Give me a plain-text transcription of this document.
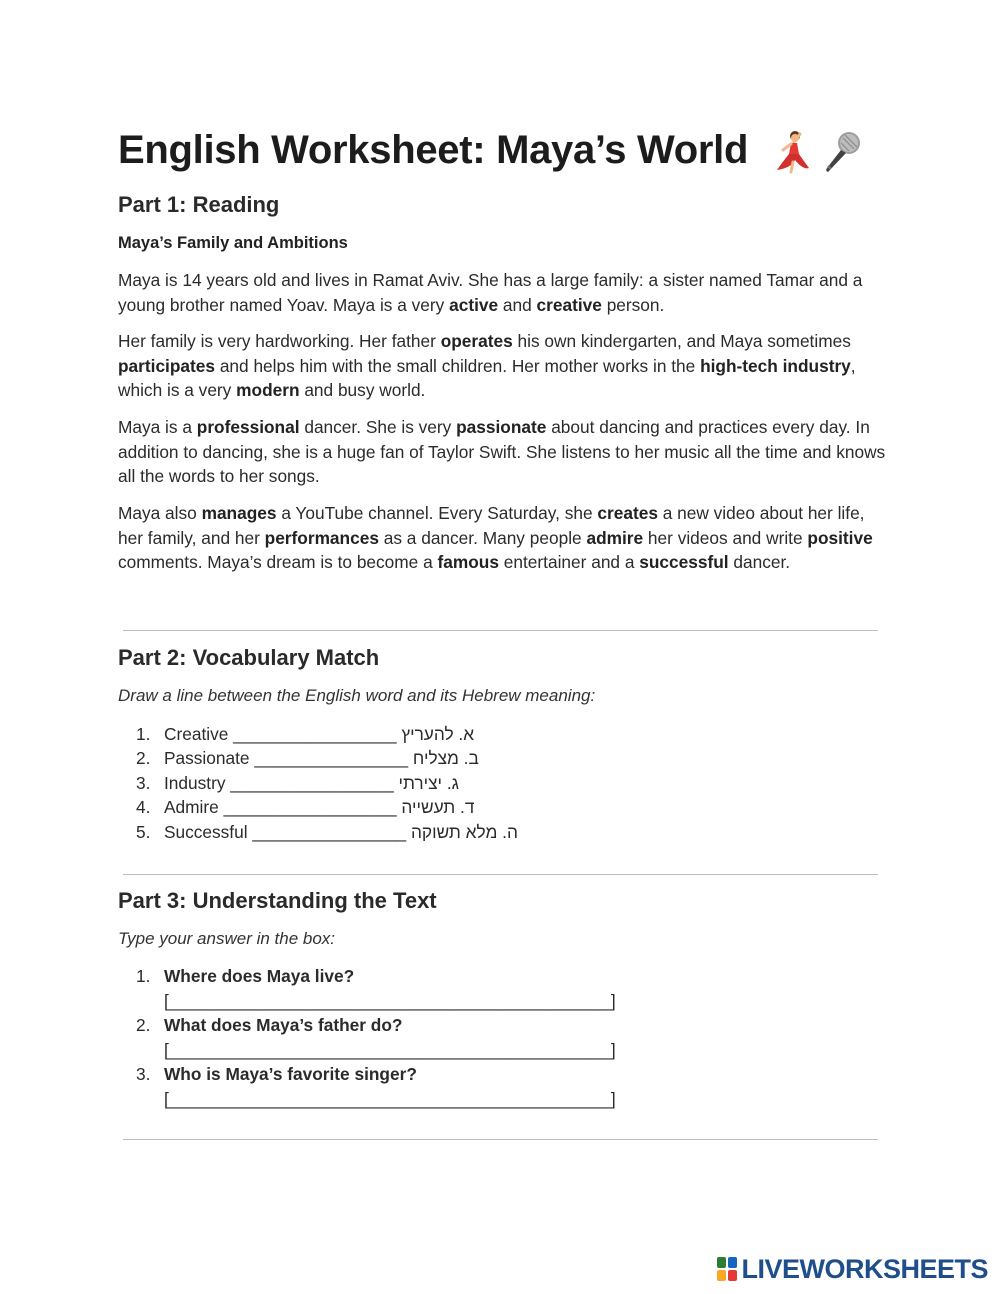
English Worksheet: Maya’s World
Part 1: Reading

Maya’s Family and Ambitions

Maya is 14 years old and lives in Ramat Aviv. She has a large family: a sister named Tamar and a young brother named Yoav. Maya is a very active and creative person.

Her family is very hardworking. Her father operates his own kindergarten, and Maya sometimes participates and helps him with the small children. Her mother works in the high-tech industry, which is a very modern and busy world.

Maya is a professional dancer. She is very passionate about dancing and practices every day. In addition to dancing, she is a huge fan of Taylor Swift. She listens to her music all the time and knows all the words to her songs.

Maya also manages a YouTube channel. Every Saturday, she creates a new video about her life, her family, and her performances as a dancer. Many people admire her videos and write positive comments. Maya’s dream is to become a famous entertainer and a successful dancer.

Part 2: Vocabulary Match

Draw a line between the English word and its Hebrew meaning:

1. Creative _________________ א. להעריץ
2. Passionate ________________ ב. מצליח
3. Industry _________________ ג. יצירתי
4. Admire __________________ ד. תעשייה
5. Successful ________________ ה. מלא תשוקה
Part 3: Understanding the Text

Type your answer in the box:

1. Where does Maya live?
[______________________________________________]
2. What does Maya’s father do?
[______________________________________________]
3. Who is Maya’s favorite singer?
[______________________________________________]
LIVEWORKSHEETS
